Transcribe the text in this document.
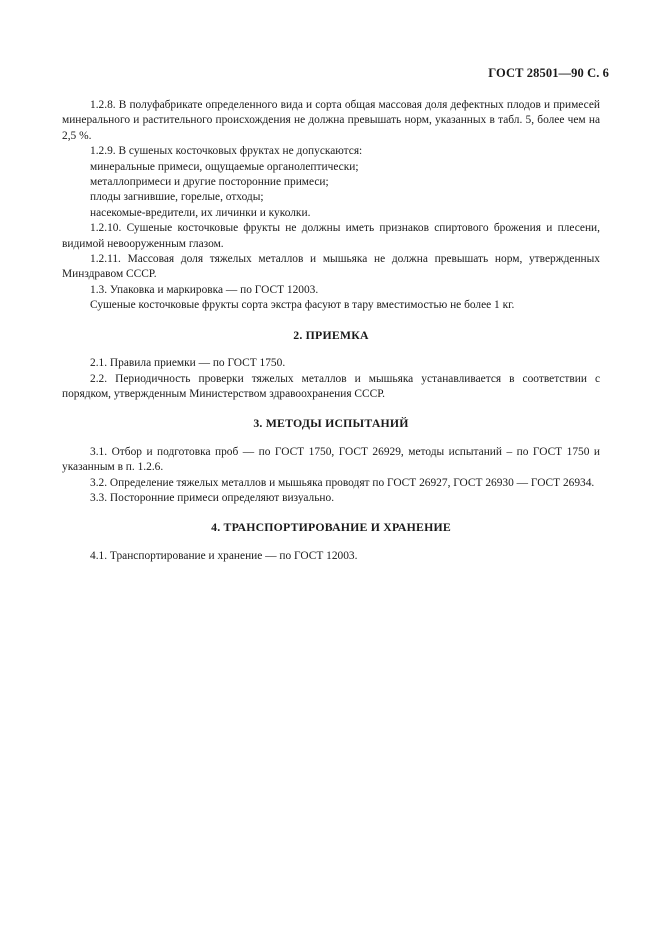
ГОСТ 28501—90 С. 6

1.2.8. В полуфабрикате определенного вида и сорта общая массовая доля дефектных плодов и примесей минерального и растительного происхождения не должна превышать норм, указанных в табл. 5, более чем на 2,5 %.

1.2.9. В сушеных косточковых фруктах не допускаются:

минеральные примеси, ощущаемые органолептически;

металлопримеси и другие посторонние примеси;

плоды загнившие, горелые, отходы;

насекомые-вредители, их личинки и куколки.

1.2.10. Сушеные косточковые фрукты не должны иметь признаков спиртового брожения и плесени, видимой невооруженным глазом.

1.2.11. Массовая доля тяжелых металлов и мышьяка не должна превышать норм, утвержденных Минздравом СССР.

1.3. Упаковка и маркировка — по ГОСТ 12003.

Сушеные косточковые фрукты сорта экстра фасуют в тару вместимостью не более 1 кг.

2. ПРИЕМКА

2.1. Правила приемки — по ГОСТ 1750.

2.2. Периодичность проверки тяжелых металлов и мышьяка устанавливается в соответствии с порядком, утвержденным Министерством здравоохранения СССР.

3. МЕТОДЫ ИСПЫТАНИЙ

3.1. Отбор и подготовка проб — по ГОСТ 1750, ГОСТ 26929, методы испытаний – по ГОСТ 1750 и указанным в п. 1.2.6.

3.2. Определение тяжелых металлов и мышьяка проводят по ГОСТ 26927, ГОСТ 26930 — ГОСТ 26934.

3.3. Посторонние примеси определяют визуально.

4. ТРАНСПОРТИРОВАНИЕ И ХРАНЕНИЕ

4.1. Транспортирование и хранение — по ГОСТ 12003.
